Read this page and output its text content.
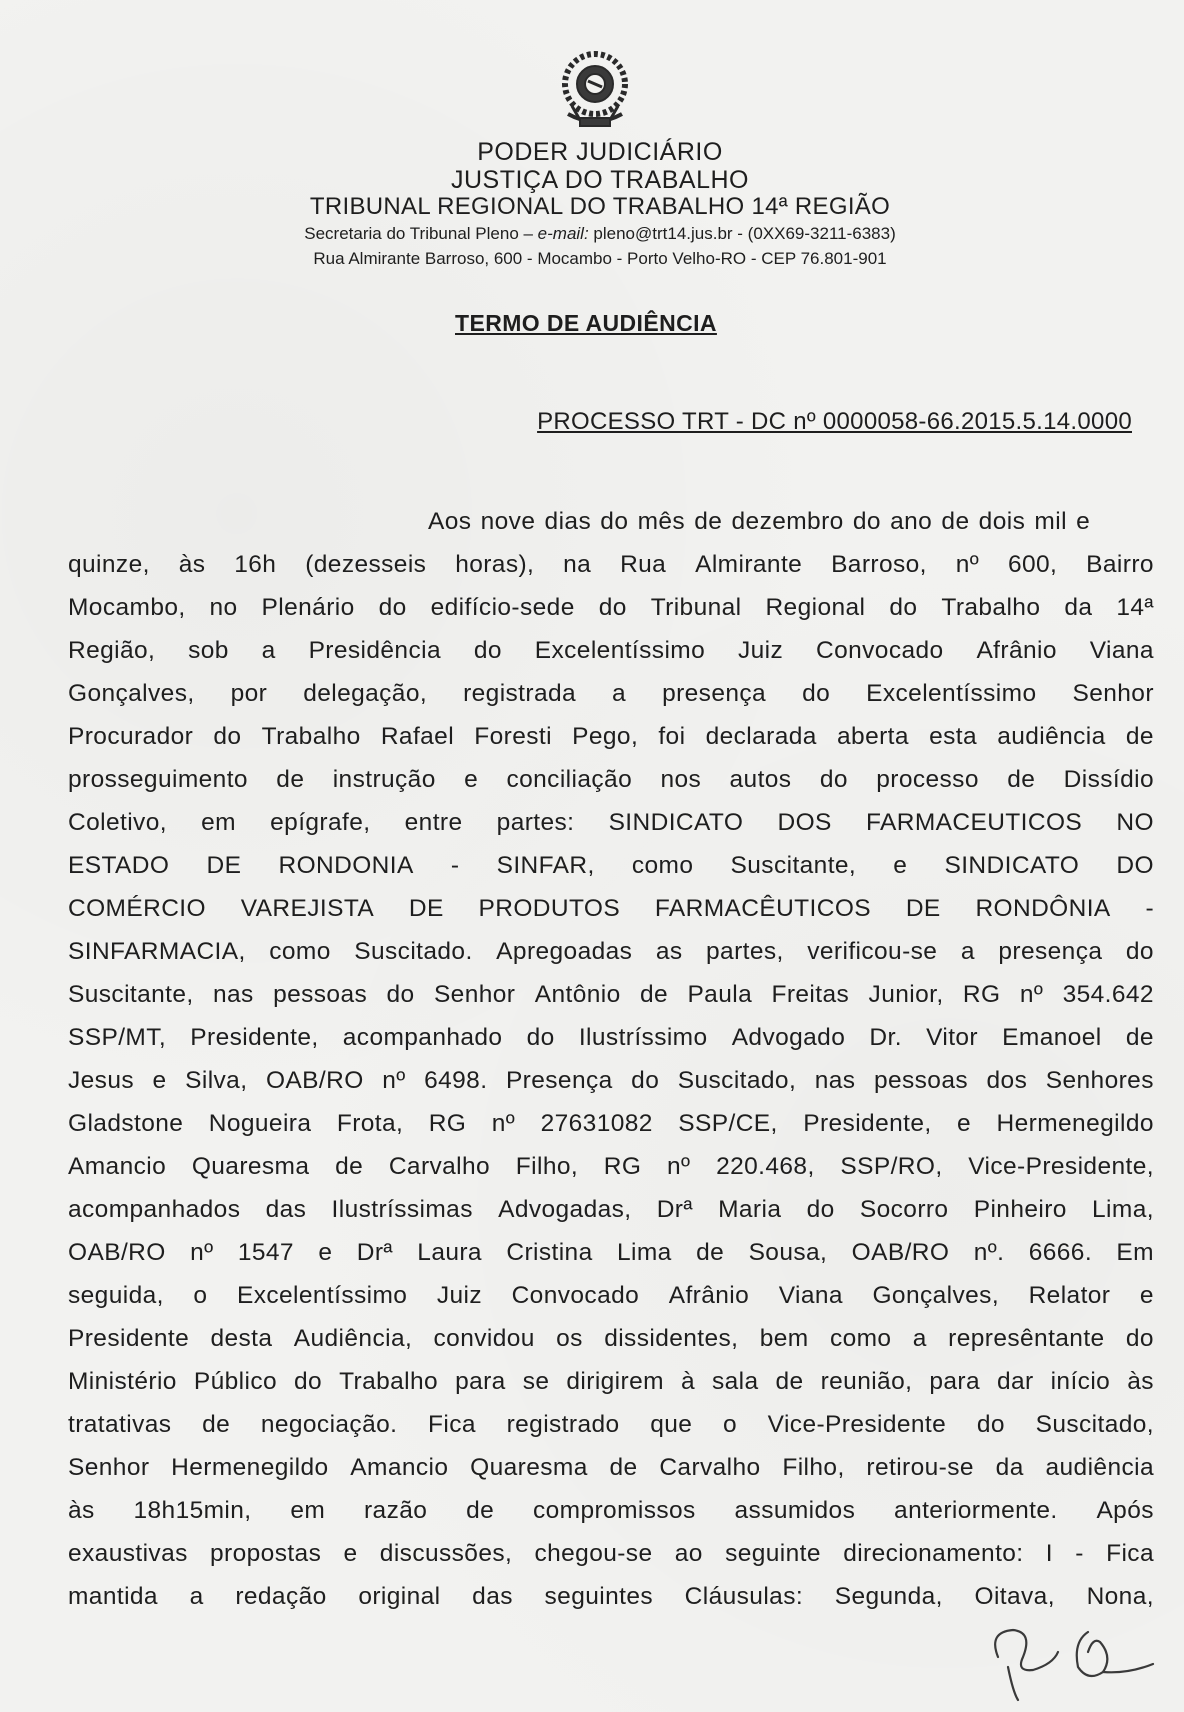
PODER JUDICIÁRIO
JUSTIÇA DO TRABALHO
TRIBUNAL REGIONAL DO TRABALHO 14ª REGIÃO
Secretaria do Tribunal Pleno – e-mail: pleno@trt14.jus.br - (0XX69-3211-6383)
Rua Almirante Barroso, 600 - Mocambo - Porto Velho-RO - CEP 76.801-901
TERMO DE AUDIÊNCIA
PROCESSO TRT - DC nº 0000058-66.2015.5.14.0000
Aos nove dias do mês de dezembro do ano de dois mil e
quinze, às 16h (dezesseis horas), na Rua Almirante Barroso, nº 600, Bairro
Mocambo, no Plenário do edifício-sede do Tribunal Regional do Trabalho da 14ª
Região, sob a Presidência do Excelentíssimo Juiz Convocado Afrânio Viana
Gonçalves, por delegação, registrada a presença do Excelentíssimo Senhor
Procurador do Trabalho Rafael Foresti Pego, foi declarada aberta esta audiência de
prosseguimento de instrução e conciliação nos autos do processo de Dissídio
Coletivo, em epígrafe, entre partes: SINDICATO DOS FARMACEUTICOS NO
ESTADO DE RONDONIA - SINFAR, como Suscitante, e SINDICATO DO
COMÉRCIO VAREJISTA DE PRODUTOS FARMACÊUTICOS DE RONDÔNIA -
SINFARMACIA, como Suscitado. Apregoadas as partes, verificou-se a presença do
Suscitante, nas pessoas do Senhor Antônio de Paula Freitas Junior, RG nº 354.642
SSP/MT, Presidente, acompanhado do Ilustríssimo Advogado Dr. Vitor Emanoel de
Jesus e Silva, OAB/RO nº 6498. Presença do Suscitado, nas pessoas dos Senhores
Gladstone Nogueira Frota, RG nº 27631082 SSP/CE, Presidente, e Hermenegildo
Amancio Quaresma de Carvalho Filho, RG nº 220.468, SSP/RO, Vice-Presidente,
acompanhados das Ilustríssimas Advogadas, Drª Maria do Socorro Pinheiro Lima,
OAB/RO nº 1547 e Drª Laura Cristina Lima de Sousa, OAB/RO nº. 6666. Em
seguida, o Excelentíssimo Juiz Convocado Afrânio Viana Gonçalves, Relator e
Presidente desta Audiência, convidou os dissidentes, bem como a represêntante do
Ministério Público do Trabalho para se dirigirem à sala de reunião, para dar início às
tratativas de negociação. Fica registrado que o Vice-Presidente do Suscitado,
Senhor Hermenegildo Amancio Quaresma de Carvalho Filho, retirou-se da audiência
às 18h15min, em razão de compromissos assumidos anteriormente. Após
exaustivas propostas e discussões, chegou-se ao seguinte direcionamento: I - Fica
mantida a redação original das seguintes Cláusulas: Segunda, Oitava, Nona,
